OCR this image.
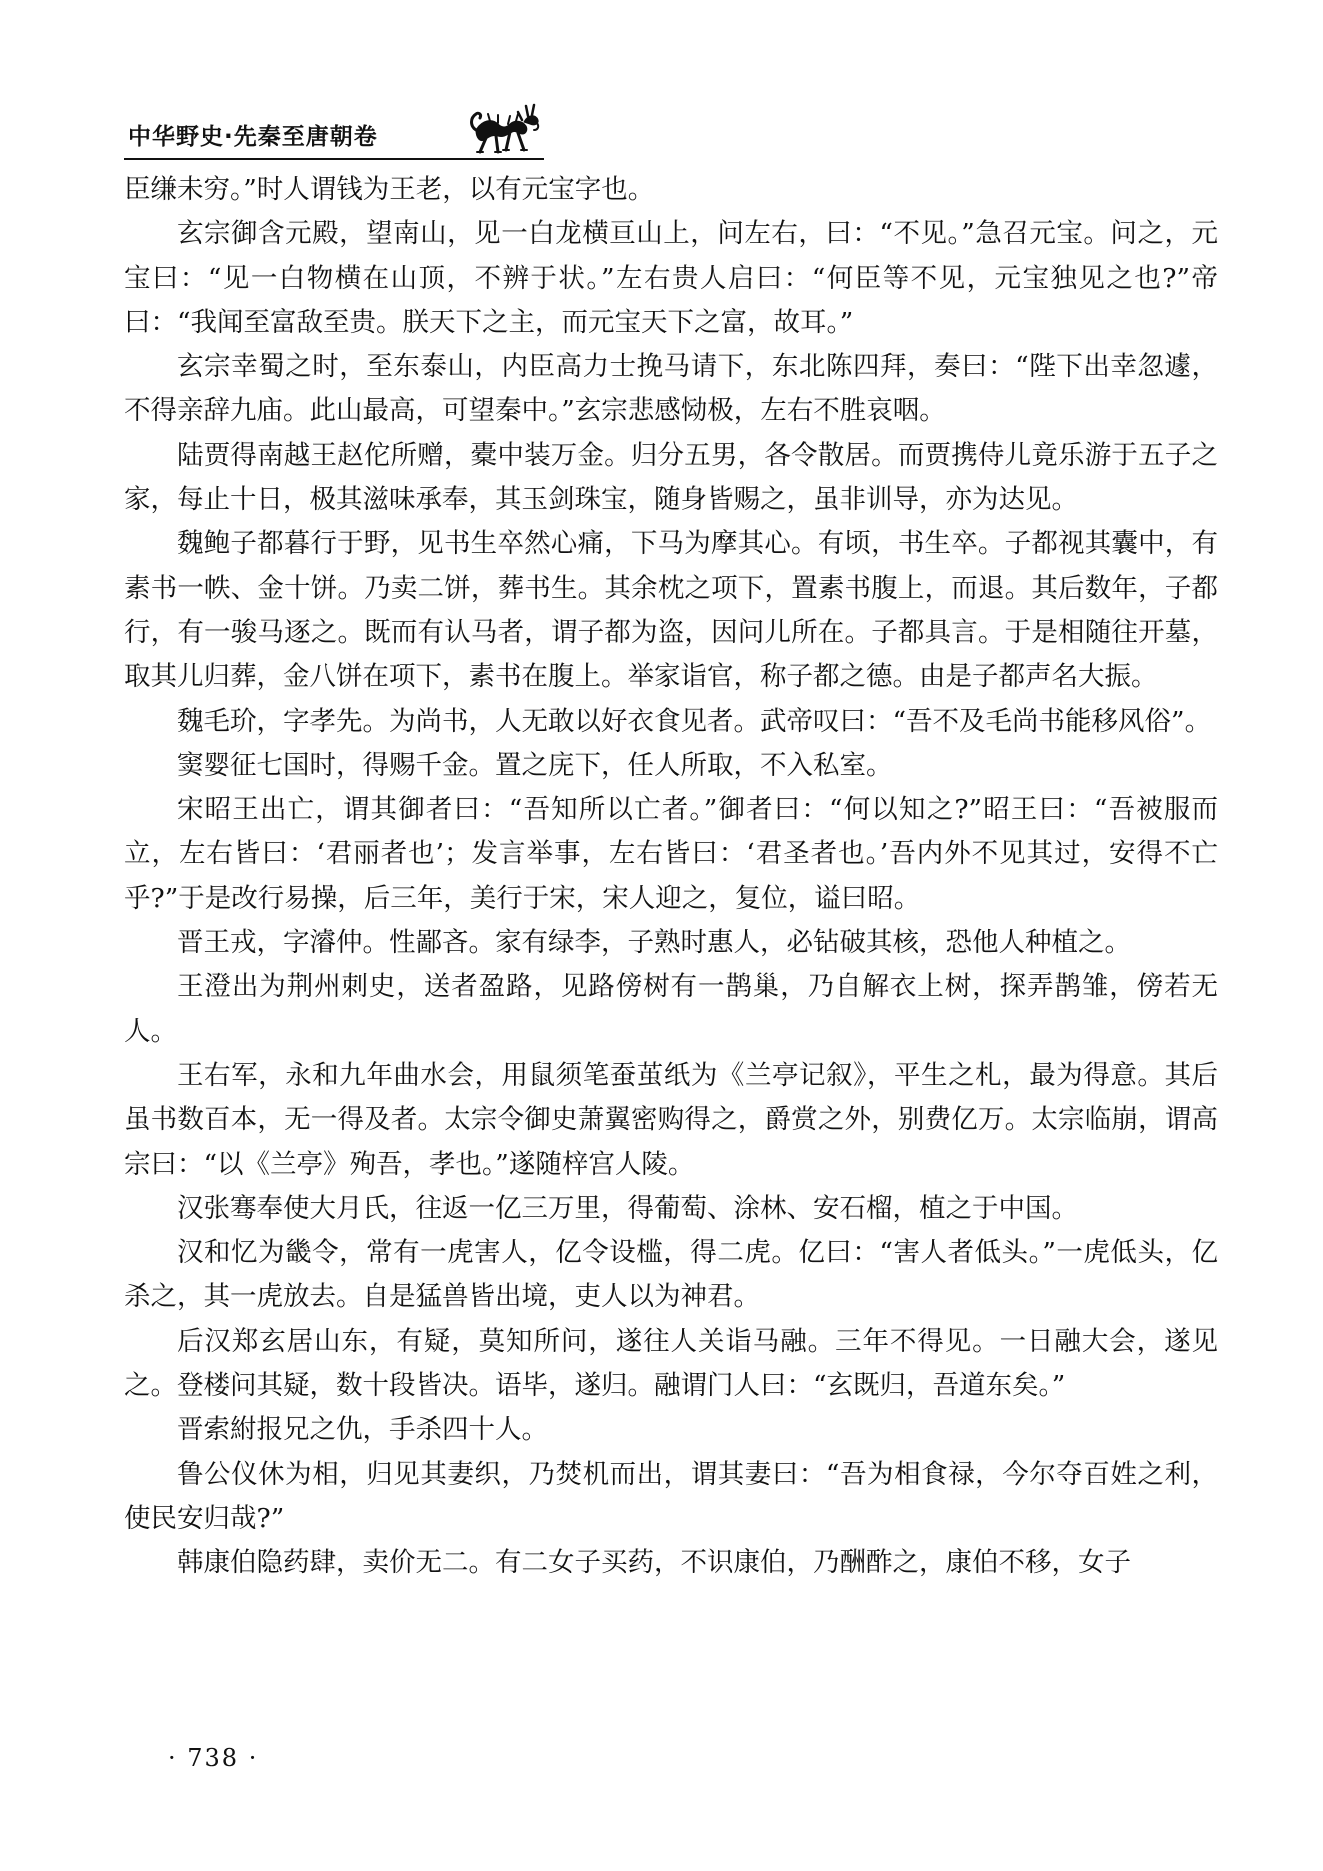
中华野史·先秦至唐朝卷

臣缣未穷。”时人谓钱为王老，以有元宝字也。

玄宗御含元殿，望南山，见一白龙横亘山上，问左右，曰：“不见。”急召元宝。问之，元宝曰：“见一白物横在山顶，不辨于状。”左右贵人启曰：“何臣等不见，元宝独见之也?”帝曰：“我闻至富敌至贵。朕天下之主，而元宝天下之富，故耳。”

玄宗幸蜀之时，至东泰山，内臣高力士挽马请下，东北陈四拜，奏曰：“陛下出幸忽遽，不得亲辞九庙。此山最高，可望秦中。”玄宗悲感恸极，左右不胜哀咽。

陆贾得南越王赵佗所赠，橐中装万金。归分五男，各令散居。而贾携侍儿竟乐游于五子之家，每止十日，极其滋味承奉，其玉剑珠宝，随身皆赐之，虽非训导，亦为达见。

魏鲍子都暮行于野，见书生卒然心痛，下马为摩其心。有顷，书生卒。子都视其囊中，有素书一帙、金十饼。乃卖二饼，葬书生。其余枕之项下，置素书腹上，而退。其后数年，子都行，有一骏马逐之。既而有认马者，谓子都为盗，因问儿所在。子都具言。于是相随往开墓，取其儿归葬，金八饼在项下，素书在腹上。举家诣官，称子都之德。由是子都声名大振。

魏毛玠，字孝先。为尚书，人无敢以好衣食见者。武帝叹曰：“吾不及毛尚书能移风俗”。

窦婴征七国时，得赐千金。置之庑下，任人所取，不入私室。

宋昭王出亡，谓其御者曰：“吾知所以亡者。”御者曰：“何以知之?”昭王曰：“吾被服而立，左右皆曰：‘君丽者也’；发言举事，左右皆曰：‘君圣者也。’吾内外不见其过，安得不亡乎?”于是改行易操，后三年，美行于宋，宋人迎之，复位，谥曰昭。

晋王戎，字濬仲。性鄙吝。家有绿李，子熟时惠人，必钻破其核，恐他人种植之。

王澄出为荆州刺史，送者盈路，见路傍树有一鹊巢，乃自解衣上树，探弄鹊雏，傍若无人。

王右军，永和九年曲水会，用鼠须笔蚕茧纸为《兰亭记叙》，平生之札，最为得意。其后虽书数百本，无一得及者。太宗令御史萧翼密购得之，爵赏之外，别费亿万。太宗临崩，谓高宗曰：“以《兰亭》殉吾，孝也。”遂随梓宫人陵。

汉张骞奉使大月氏，往返一亿三万里，得葡萄、涂林、安石榴，植之于中国。

汉和忆为畿令，常有一虎害人，亿令设槛，得二虎。亿曰：“害人者低头。”一虎低头，亿杀之，其一虎放去。自是猛兽皆出境，吏人以为神君。

后汉郑玄居山东，有疑，莫知所问，遂往人关诣马融。三年不得见。一日融大会，遂见之。登楼问其疑，数十段皆决。语毕，遂归。融谓门人曰：“玄既归，吾道东矣。”

晋索紨报兄之仇，手杀四十人。

鲁公仪休为相，归见其妻织，乃焚机而出，谓其妻曰：“吾为相食禄，今尔夺百姓之利，使民安归哉?”

韩康伯隐药肆，卖价无二。有二女子买药，不识康伯，乃酬酢之，康伯不移，女子

· 738 ·
